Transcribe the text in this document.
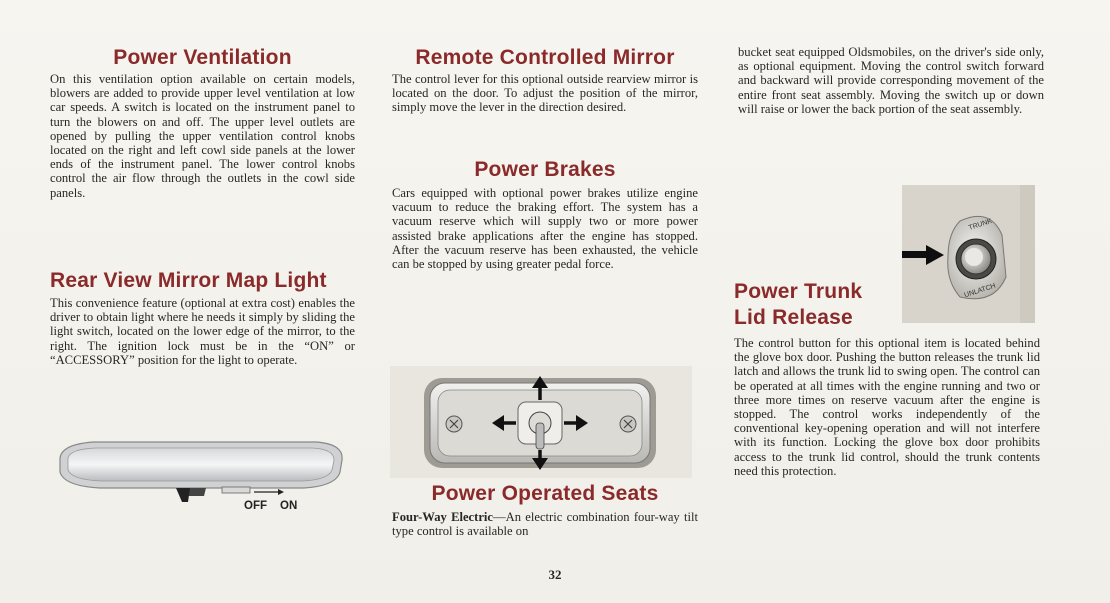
Power Ventilation

On this ventilation option available on certain models, blowers are added to provide upper level ventilation at low car speeds. A switch is located on the instrument panel to turn the blowers on and off. The upper level outlets are opened by pulling the upper ventilation control knobs located on the right and left cowl side panels at the lower ends of the instrument panel. The lower control knobs control the air flow through the outlets in the cowl side panels.

Rear View Mirror Map Light

This convenience feature (optional at extra cost) enables the driver to obtain light where he needs it simply by sliding the light switch, located on the lower edge of the mirror, to the right. The ignition lock must be in the “ON” or “ACCESSORY” position for the light to operate.

OFF ON
Remote Controlled Mirror

The control lever for this optional outside rearview mirror is located on the door. To adjust the position of the mirror, simply move the lever in the direction desired.

Power Brakes

Cars equipped with optional power brakes utilize engine vacuum to reduce the braking effort. The system has a vacuum reserve which will supply two or more power assisted brake applications after the engine has stopped. After the vacuum reserve has been exhausted, the vehicle can be stopped by using greater pedal force.

Power Operated Seats

Four-Way Electric—An electric combination four-way tilt type control is available on

bucket seat equipped Oldsmobiles, on the driver's side only, as optional equipment. Moving the control switch forward and backward will provide corresponding movement of the entire front seat assembly. Moving the switch up or down will raise or lower the back portion of the seat assembly.

Power Trunk
Lid Release

The control button for this optional item is located behind the glove box door. Pushing the button releases the trunk lid latch and allows the trunk lid to swing open. The control can be operated at all times with the engine running and two or three more times on reserve vacuum after the engine is stopped. The control works independently of the conventional key-opening operation and will not interfere with its function. Locking the glove box door prohibits access to the trunk lid control, should the trunk contents need this protection.

TRUNK
UNLATCH
32
